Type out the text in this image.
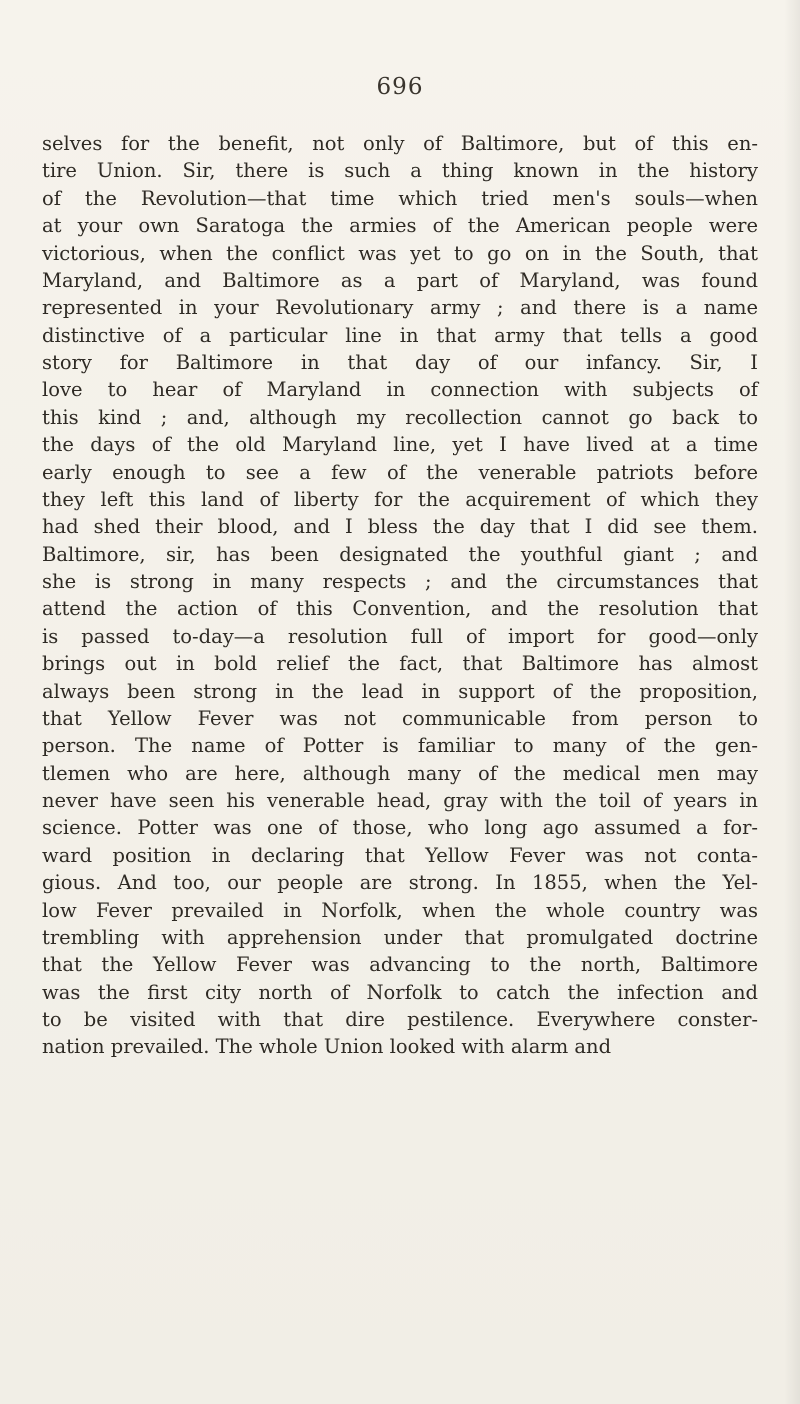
696
selves for the benefit, not only of Baltimore, but of this en-
tire Union. Sir, there is such a thing known in the history
of the Revolution—that time which tried men's souls—when
at your own Saratoga the armies of the American people were
victorious, when the conflict was yet to go on in the South, that
Maryland, and Baltimore as a part of Maryland, was found
represented in your Revolutionary army ; and there is a name
distinctive of a particular line in that army that tells a good
story for Baltimore in that day of our infancy. Sir, I
love to hear of Maryland in connection with subjects of
this kind ; and, although my recollection cannot go back to
the days of the old Maryland line, yet I have lived at a time
early enough to see a few of the venerable patriots before
they left this land of liberty for the acquirement of which they
had shed their blood, and I bless the day that I did see them.
Baltimore, sir, has been designated the youthful giant ; and
she is strong in many respects ; and the circumstances that
attend the action of this Convention, and the resolution that
is passed to-day—a resolution full of import for good—only
brings out in bold relief the fact, that Baltimore has almost
always been strong in the lead in support of the proposition,
that Yellow Fever was not communicable from person to
person. The name of Potter is familiar to many of the gen-
tlemen who are here, although many of the medical men may
never have seen his venerable head, gray with the toil of years in
science. Potter was one of those, who long ago assumed a for-
ward position in declaring that Yellow Fever was not conta-
gious. And too, our people are strong. In 1855, when the Yel-
low Fever prevailed in Norfolk, when the whole country was
trembling with apprehension under that promulgated doctrine
that the Yellow Fever was advancing to the north, Baltimore
was the first city north of Norfolk to catch the infection and
to be visited with that dire pestilence. Everywhere conster-
nation prevailed. The whole Union looked with alarm and
